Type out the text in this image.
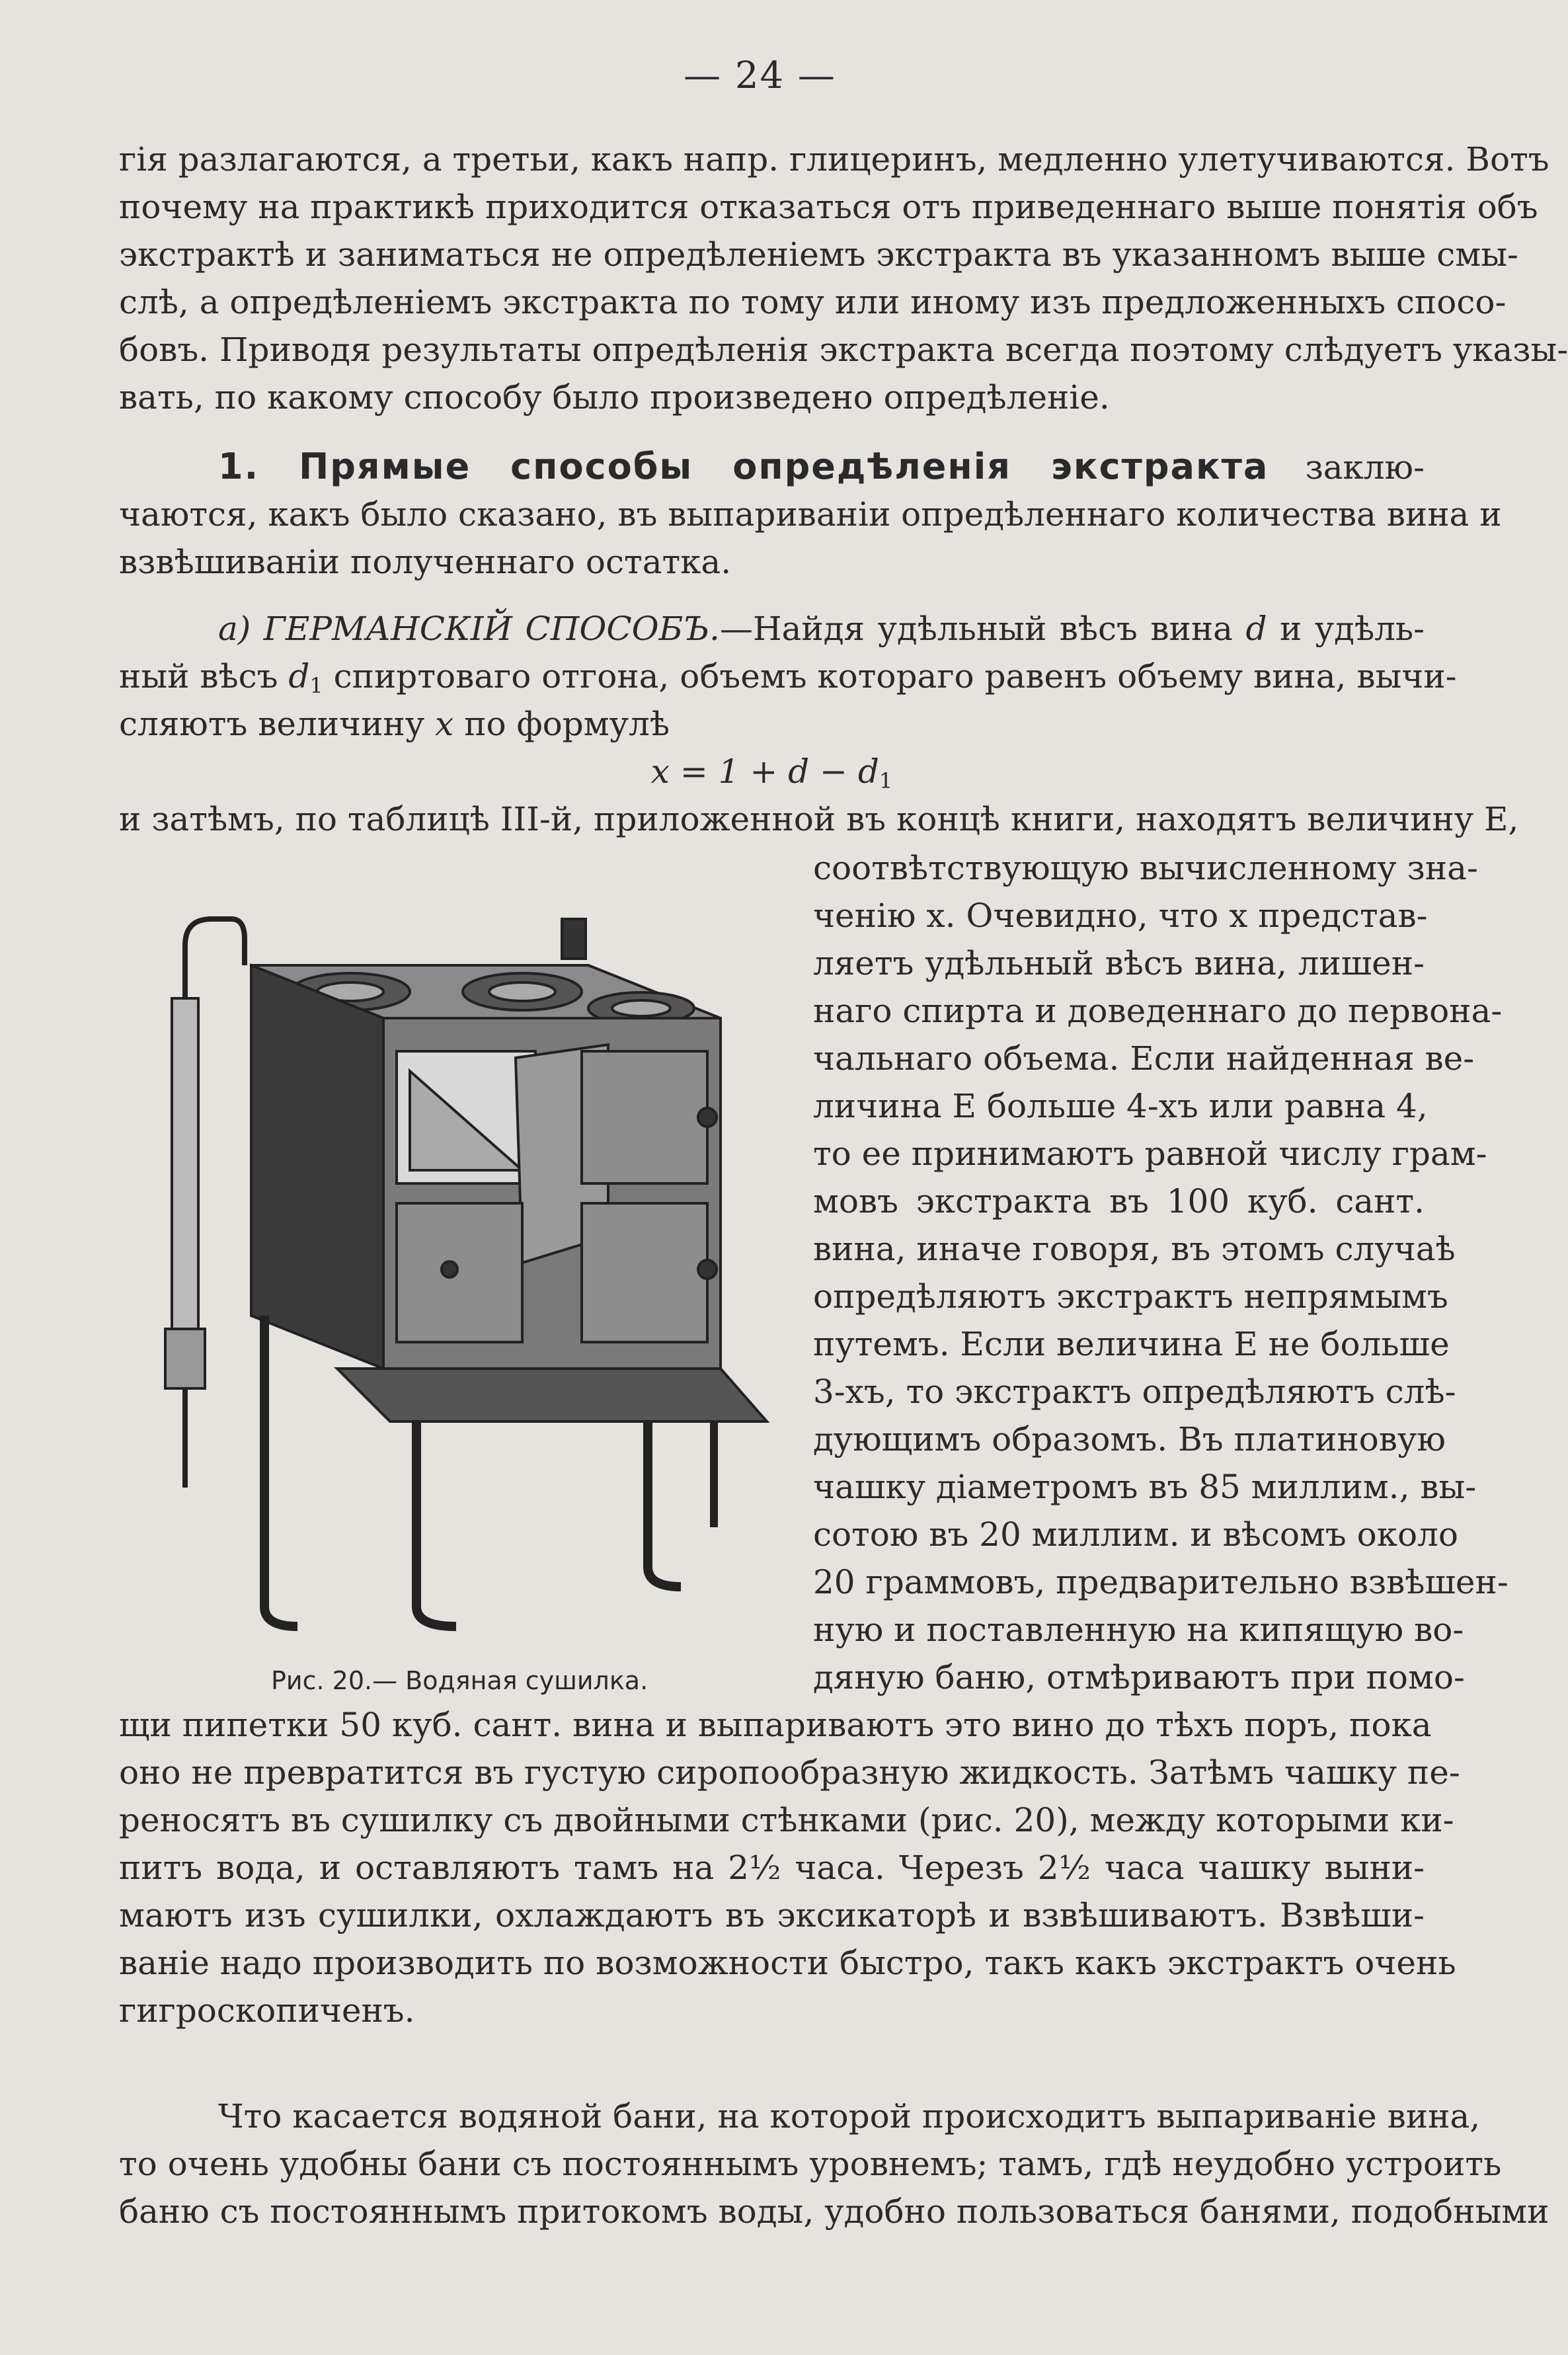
— 24 —
гія разлагаются, а третьи, какъ напр. глицеринъ, медленно улетучиваются. Вотъ
почему на практикѣ приходится отказаться отъ приведеннаго выше понятія объ
экстрактѣ и заниматься не опредѣленіемъ экстракта въ указанномъ выше смы-
слѣ, а опредѣленіемъ экстракта по тому или иному изъ предложенныхъ спосо-
бовъ. Приводя результаты опредѣленія экстракта всегда поэтому слѣдуетъ указы-
вать, по какому способу было произведено опредѣленіе.
1. Прямые способы опредѣленія экстракта заклю-
чаются, какъ было сказано, въ выпариваніи опредѣленнаго количества вина и
взвѣшиваніи полученнаго остатка.
а) ГЕРМАНСКІЙ СПОСОБЪ.—Найдя удѣльный вѣсъ вина d и удѣль-
ный вѣсъ $d_1$ спиртоваго отгона, объемъ котораго равенъ объему вина, вычи-
сляютъ величину x по формулѣ
$x = 1 + d - d_1$
и затѣмъ, по таблицѣ III-й, приложенной въ концѣ книги, находятъ величину E,
соотвѣтствующую вычисленному зна-
ченію x. Очевидно, что x представ-
ляетъ удѣльный вѣсъ вина, лишен-
наго спирта и доведеннаго до первона-
чальнаго объема. Если найденная ве-
личина E больше 4-хъ или равна 4,
то ее принимаютъ равной числу грам-
мовъ экстракта въ 100 куб. сант.
вина, иначе говоря, въ этомъ случаѣ
опредѣляютъ экстрактъ непрямымъ
путемъ. Если величина E не больше
3-хъ, то экстрактъ опредѣляютъ слѣ-
дующимъ образомъ. Въ платиновую
чашку діаметромъ въ 85 миллим., вы-
сотою въ 20 миллим. и вѣсомъ около
20 граммовъ, предварительно взвѣшен-
ную и поставленную на кипящую во-
дяную баню, отмѣриваютъ при помо-
Рис. 20.— Водяная сушилка.
щи пипетки 50 куб. сант. вина и выпариваютъ это вино до тѣхъ поръ, пока
оно не превратится въ густую сиропообразную жидкость. Затѣмъ чашку пе-
реносятъ въ сушилку съ двойными стѣнками (рис. 20), между которыми ки-
питъ вода, и оставляютъ тамъ на 2½ часа. Черезъ 2½ часа чашку выни-
маютъ изъ сушилки, охлаждаютъ въ эксикаторѣ и взвѣшиваютъ. Взвѣши-
ваніе надо производить по возможности быстро, такъ какъ экстрактъ очень
гигроскопиченъ.
Что касается водяной бани, на которой происходитъ выпариваніе вина,
то очень удобны бани съ постояннымъ уровнемъ; тамъ, гдѣ неудобно устроить
баню съ постояннымъ притокомъ воды, удобно пользоваться банями, подобными
